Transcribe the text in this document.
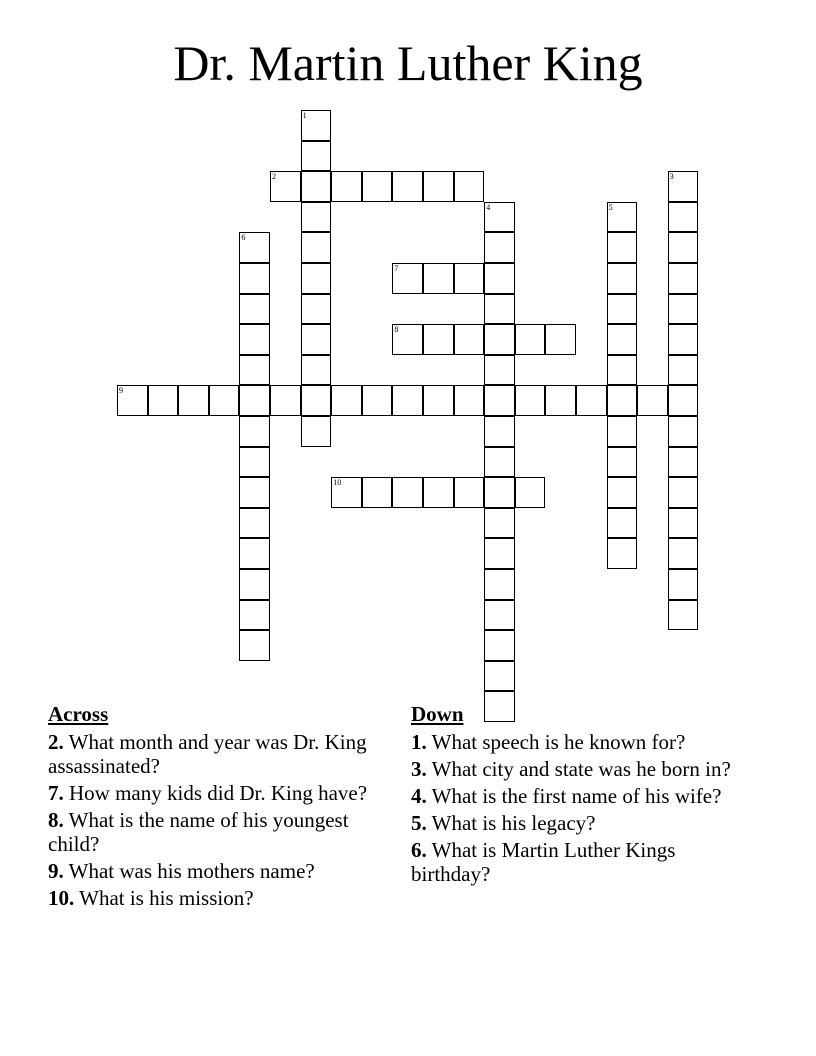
Dr. Martin Luther King
1
2	3
4	5
6
7
8
9
10
Across
2. What month and year was Dr. King assassinated?
7. How many kids did Dr. King have?
8. What is the name of his youngest child?
9. What was his mothers name?
10. What is his mission?
Down
1. What speech is he known for?
3. What city and state was he born in?
4. What is the first name of his wife?
5. What is his legacy?
6. What is Martin Luther Kings birthday?
